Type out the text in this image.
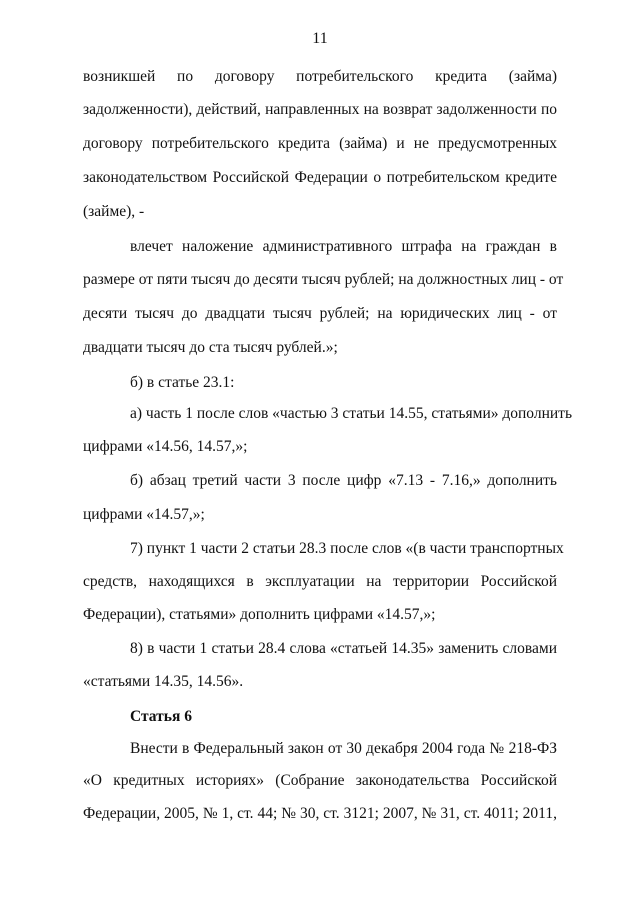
11
возникшей по договору потребительского кредита (займа)
задолженности), действий, направленных на возврат задолженности по
договору потребительского кредита (займа) и не предусмотренных
законодательством Российской Федерации о потребительском кредите
(займе), -
влечет наложение административного штрафа на граждан в
размере от пяти тысяч до десяти тысяч рублей; на должностных лиц - от
десяти тысяч до двадцати тысяч рублей; на юридических лиц - от
двадцати тысяч до ста тысяч рублей.»;
б) в статье 23.1:
а) часть 1 после слов «частью 3 статьи 14.55, статьями» дополнить
цифрами «14.56, 14.57,»;
б) абзац третий части 3 после цифр «7.13 - 7.16,» дополнить
цифрами «14.57,»;
7) пункт 1 части 2 статьи 28.3 после слов «(в части транспортных
средств, находящихся в эксплуатации на территории Российской
Федерации), статьями» дополнить цифрами «14.57,»;
8) в части 1 статьи 28.4 слова «статьей 14.35» заменить словами
«статьями 14.35, 14.56».
Статья 6
Внести в Федеральный закон от 30 декабря 2004 года № 218-ФЗ
«О кредитных историях» (Собрание законодательства Российской
Федерации, 2005, № 1, ст. 44; № 30, ст. 3121; 2007, № 31, ст. 4011; 2011,
